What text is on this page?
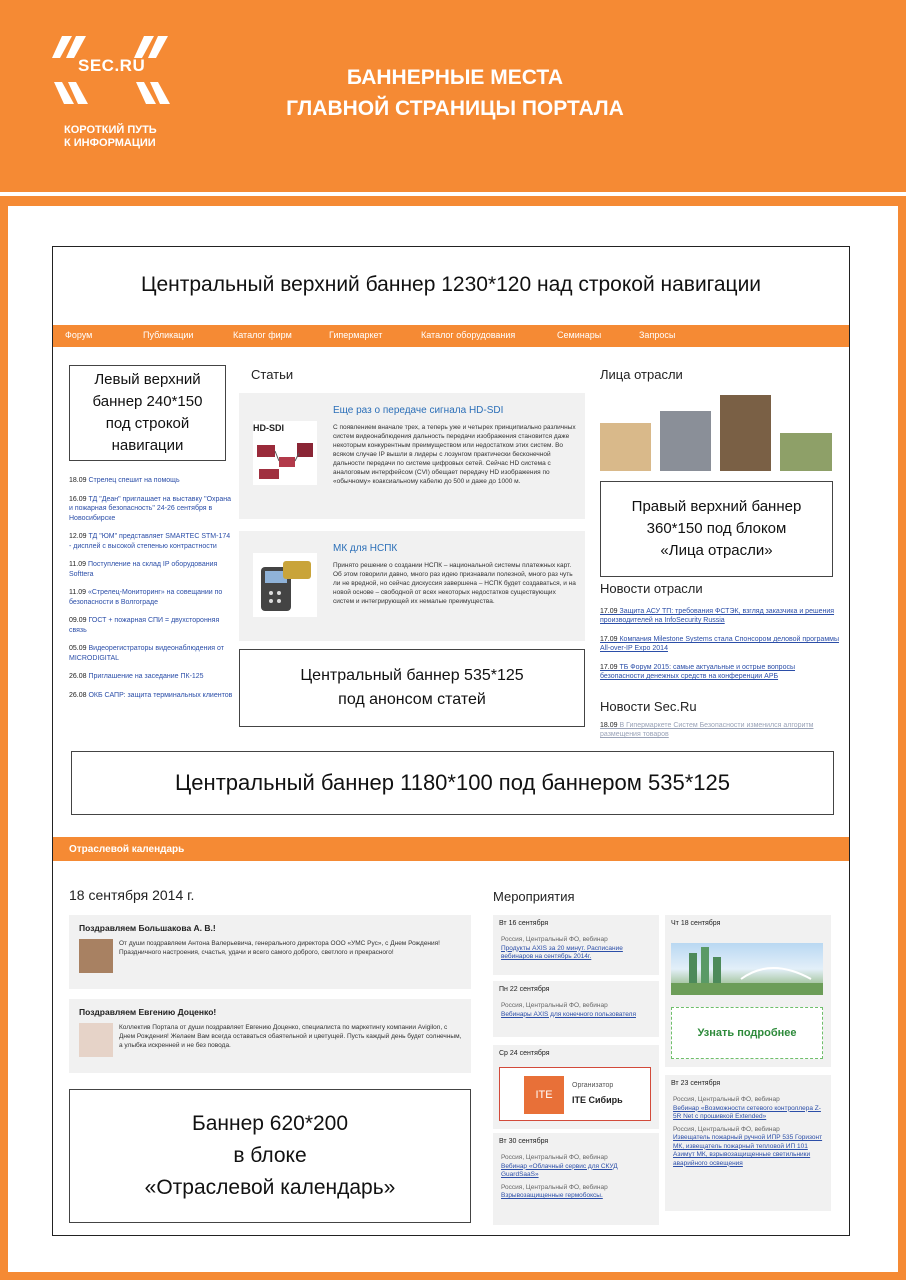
SEC.RU
КОРОТКИЙ ПУТЬ
К ИНФОРМАЦИИ
БАННЕРНЫЕ МЕСТА
ГЛАВНОЙ СТРАНИЦЫ ПОРТАЛА
Центральный верхний баннер 1230*120 над строкой навигации
Форум	Публикации	Каталог фирм	Гипермаркет	Каталог оборудования	Семинары	Запросы
Левый верхний
баннер 240*150
под строкой
навигации
18.09 Стрелец спешит на помощь
16.09 ТД "Деан" приглашает на выставку "Охрана и пожарная безопасность" 24-26 сентября в Новосибирске
12.09 ТД "ЮМ" представляет SMARTEC STM-174 - дисплей с высокой степенью контрастности
11.09 Поступление на склад IP оборудования Softtera
11.09 «Стрелец-Мониторинг» на совещании по безопасности в Волгограде
09.09 ГОСТ + пожарная СПИ = двухсторонняя связь
05.09 Видеорегистраторы видеонаблюдения от MICRODIGITAL
26.08 Приглашение на заседание ПК-125
26.08 ОКБ САПР: защита терминальных клиентов
Статьи
HD-SDI
Еще раз о передаче сигнала HD-SDI
С появлением вначале трех, а теперь уже и четырех принципиально различных систем видеонаблюдения дальность передачи изображения становится даже некоторым конкурентным преимуществом или недостатком этих систем. Во всяком случае IP вышли в лидеры с лозунгом практически бесконечной дальности передачи по системе цифровых сетей. Сейчас HD система с аналоговым интерфейсом (CVI) обещает передачу HD изображения по «обычному» коаксиальному кабелю до 500 и даже до 1000 м.
МК для НСПК
Принято решение о создании НСПК – национальной системы платежных карт. Об этом говорили давно, много раз идею признавали полезной, много раз чуть ли не вредной, но сейчас дискуссия завершена – НСПК будет создаваться, и на новой основе – свободной от всех некоторых недостатков существующих систем и интегрирующей их немалые преимущества.
Центральный баннер 535*125
под анонсом статей
Лица отрасли
Правый верхний баннер
360*150 под блоком
«Лица отрасли»
Новости отрасли
17.09 Защита АСУ ТП: требования ФСТЭК, взгляд заказчика и решения производителей на InfoSecurity Russia
17.09 Компания Milestone Systems стала Спонсором деловой программы All-over-IP Expo 2014
17.09 ТБ Форум 2015: самые актуальные и острые вопросы безопасности денежных средств на конференции АРБ
Новости Sec.Ru
18.09 В Гипермаркете Систем Безопасности изменился алгоритм размещения товаров
Центральный баннер 1180*100 под баннером 535*125
Отраслевой календарь
18 сентября 2014 г.
Поздравляем Большакова А. В.!
От души поздравляем Антона Валерьевича, генерального директора ООО «УМС Рус», с Днем Рождения! Праздничного настроения, счастья, удачи и всего самого доброго, светлого и прекрасного!
Поздравляем Евгению Доценко!
Коллектив Портала от души поздравляет Евгению Доценко, специалиста по маркетингу компании Avigilon, с Днем Рождения! Желаем Вам всегда оставаться обаятельной и цветущей. Пусть каждый день будет солнечным, а улыбка искренней и не без повода.
Баннер 620*200
в блоке
«Отраслевой календарь»
Мероприятия
Вт 16 сентября
Россия, Центральный ФО, вебинар
Продукты AXIS за 20 минут. Расписание вебинаров на сентябрь 2014г.
Пн 22 сентября
Россия, Центральный ФО, вебинар
Вебинары AXIS для конечного пользователя
Ср 24 сентября
ITE
Организатор
ITE Сибирь
Вт 30 сентября
Россия, Центральный ФО, вебинар
Вебинар «Облачный сервис для СКУД GuardSaaS»
Россия, Центральный ФО, вебинар
Взрывозащищенные гермобоксы.
Чт 18 сентября
Узнать подробнее
Вт 23 сентября
Россия, Центральный ФО, вебинар
Вебинар «Возможности сетевого контроллера Z-5R Net с прошивкой Extended»
Россия, Центральный ФО, вебинар
Извещатель пожарный ручной ИПР 535 Горизонт МК, извещатель пожарный тепловой ИП 101 Азимут МК, взрывозащищенные светильники аварийного освещения
